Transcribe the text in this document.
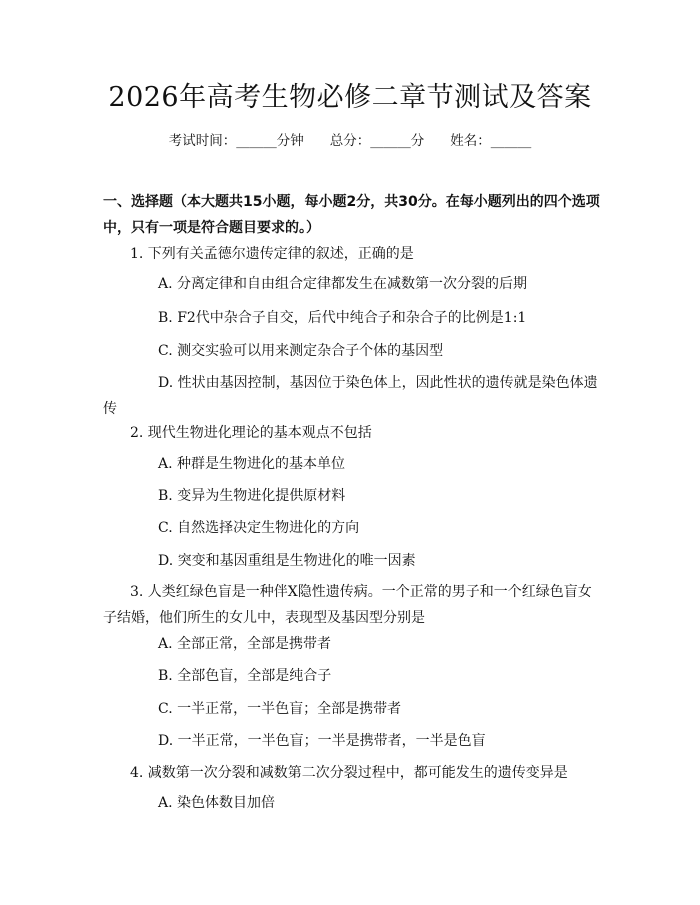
2026年高考生物必修二章节测试及答案
考试时间：______分钟 总分：______分 姓名：______
一、选择题（本大题共15小题，每小题2分，共30分。在每小题列出的四个选项中，只有一项是符合题目要求的。）
1. 下列有关孟德尔遗传定律的叙述，正确的是
A. 分离定律和自由组合定律都发生在减数第一次分裂的后期
B. F2代中杂合子自交，后代中纯合子和杂合子的比例是1:1
C. 测交实验可以用来测定杂合子个体的基因型
D. 性状由基因控制，基因位于染色体上，因此性状的遗传就是染色体遗传
2. 现代生物进化理论的基本观点不包括
A. 种群是生物进化的基本单位
B. 变异为生物进化提供原材料
C. 自然选择决定生物进化的方向
D. 突变和基因重组是生物进化的唯一因素
3. 人类红绿色盲是一种伴X隐性遗传病。一个正常的男子和一个红绿色盲女子结婚，他们所生的女儿中，表现型及基因型分别是
A. 全部正常，全部是携带者
B. 全部色盲，全部是纯合子
C. 一半正常，一半色盲；全部是携带者
D. 一半正常，一半色盲；一半是携带者，一半是色盲
4. 减数第一次分裂和减数第二次分裂过程中，都可能发生的遗传变异是
A. 染色体数目加倍
